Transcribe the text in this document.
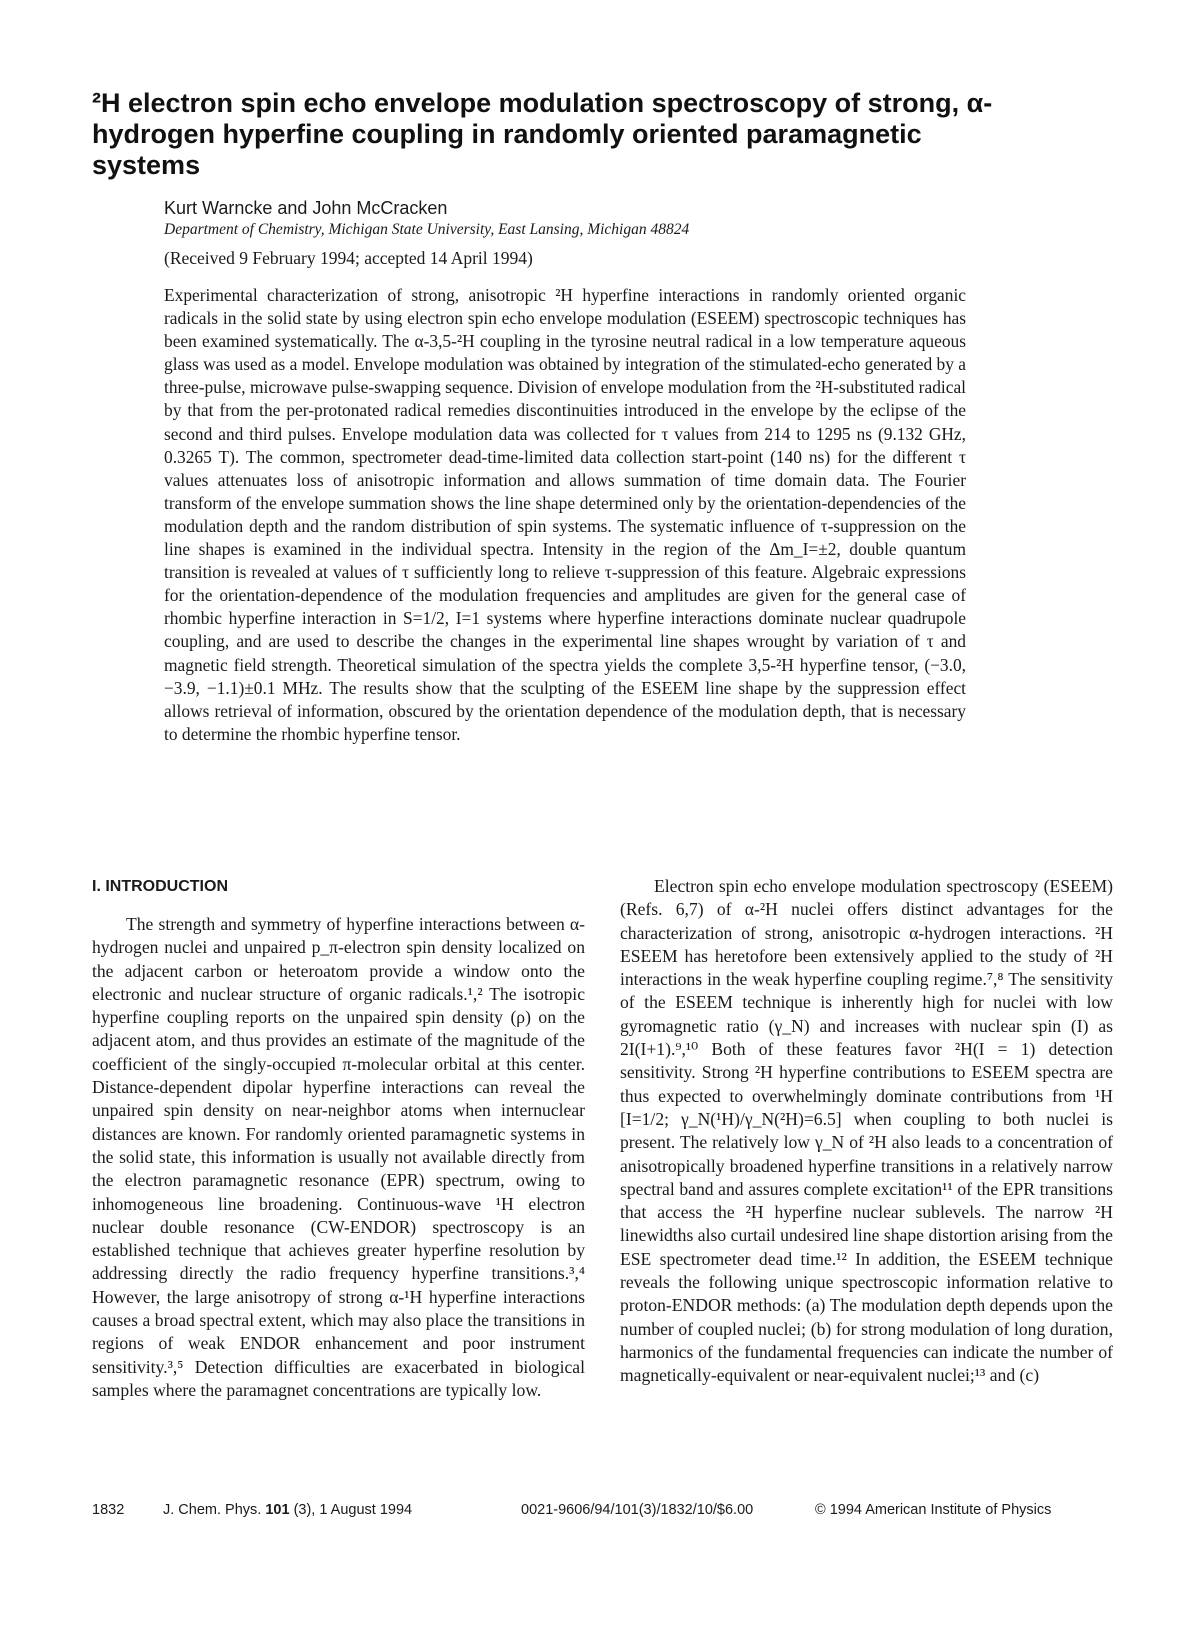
²H electron spin echo envelope modulation spectroscopy of strong, α-hydrogen hyperfine coupling in randomly oriented paramagnetic systems
Kurt Warncke and John McCracken
Department of Chemistry, Michigan State University, East Lansing, Michigan 48824
(Received 9 February 1994; accepted 14 April 1994)

Experimental characterization of strong, anisotropic ²H hyperfine interactions in randomly oriented organic radicals in the solid state by using electron spin echo envelope modulation (ESEEM) spectroscopic techniques has been examined systematically. The α-3,5-²H coupling in the tyrosine neutral radical in a low temperature aqueous glass was used as a model. Envelope modulation was obtained by integration of the stimulated-echo generated by a three-pulse, microwave pulse-swapping sequence. Division of envelope modulation from the ²H-substituted radical by that from the per-protonated radical remedies discontinuities introduced in the envelope by the eclipse of the second and third pulses. Envelope modulation data was collected for τ values from 214 to 1295 ns (9.132 GHz, 0.3265 T). The common, spectrometer dead-time-limited data collection start-point (140 ns) for the different τ values attenuates loss of anisotropic information and allows summation of time domain data. The Fourier transform of the envelope summation shows the line shape determined only by the orientation-dependencies of the modulation depth and the random distribution of spin systems. The systematic influence of τ-suppression on the line shapes is examined in the individual spectra. Intensity in the region of the Δm_I=±2, double quantum transition is revealed at values of τ sufficiently long to relieve τ-suppression of this feature. Algebraic expressions for the orientation-dependence of the modulation frequencies and amplitudes are given for the general case of rhombic hyperfine interaction in S=1/2, I=1 systems where hyperfine interactions dominate nuclear quadrupole coupling, and are used to describe the changes in the experimental line shapes wrought by variation of τ and magnetic field strength. Theoretical simulation of the spectra yields the complete 3,5-²H hyperfine tensor, (−3.0, −3.9, −1.1)±0.1 MHz. The results show that the sculpting of the ESEEM line shape by the suppression effect allows retrieval of information, obscured by the orientation dependence of the modulation depth, that is necessary to determine the rhombic hyperfine tensor.

I. INTRODUCTION

The strength and symmetry of hyperfine interactions between α-hydrogen nuclei and unpaired p_π-electron spin density localized on the adjacent carbon or heteroatom provide a window onto the electronic and nuclear structure of organic radicals.¹,² The isotropic hyperfine coupling reports on the unpaired spin density (ρ) on the adjacent atom, and thus provides an estimate of the magnitude of the coefficient of the singly-occupied π-molecular orbital at this center. Distance-dependent dipolar hyperfine interactions can reveal the unpaired spin density on near-neighbor atoms when internuclear distances are known. For randomly oriented paramagnetic systems in the solid state, this information is usually not available directly from the electron paramagnetic resonance (EPR) spectrum, owing to inhomogeneous line broadening. Continuous-wave ¹H electron nuclear double resonance (CW-ENDOR) spectroscopy is an established technique that achieves greater hyperfine resolution by addressing directly the radio frequency hyperfine transitions.³,⁴ However, the large anisotropy of strong α-¹H hyperfine interactions causes a broad spectral extent, which may also place the transitions in regions of weak ENDOR enhancement and poor instrument sensitivity.³,⁵ Detection difficulties are exacerbated in biological samples where the paramagnet concentrations are typically low.

Electron spin echo envelope modulation spectroscopy (ESEEM) (Refs. 6,7) of α-²H nuclei offers distinct advantages for the characterization of strong, anisotropic α-hydrogen interactions. ²H ESEEM has heretofore been extensively applied to the study of ²H interactions in the weak hyperfine coupling regime.⁷,⁸ The sensitivity of the ESEEM technique is inherently high for nuclei with low gyromagnetic ratio (γ_N) and increases with nuclear spin (I) as 2I(I+1).⁹,¹⁰ Both of these features favor ²H(I = 1) detection sensitivity. Strong ²H hyperfine contributions to ESEEM spectra are thus expected to overwhelmingly dominate contributions from ¹H [I=1/2; γ_N(¹H)/γ_N(²H)=6.5] when coupling to both nuclei is present. The relatively low γ_N of ²H also leads to a concentration of anisotropically broadened hyperfine transitions in a relatively narrow spectral band and assures complete excitation¹¹ of the EPR transitions that access the ²H hyperfine nuclear sublevels. The narrow ²H linewidths also curtail undesired line shape distortion arising from the ESE spectrometer dead time.¹² In addition, the ESEEM technique reveals the following unique spectroscopic information relative to proton-ENDOR methods: (a) The modulation depth depends upon the number of coupled nuclei; (b) for strong modulation of long duration, harmonics of the fundamental frequencies can indicate the number of magnetically-equivalent or near-equivalent nuclei;¹³ and (c)

1832	J. Chem. Phys. 101 (3), 1 August 1994	0021-9606/94/101(3)/1832/10/$6.00	© 1994 American Institute of Physics
